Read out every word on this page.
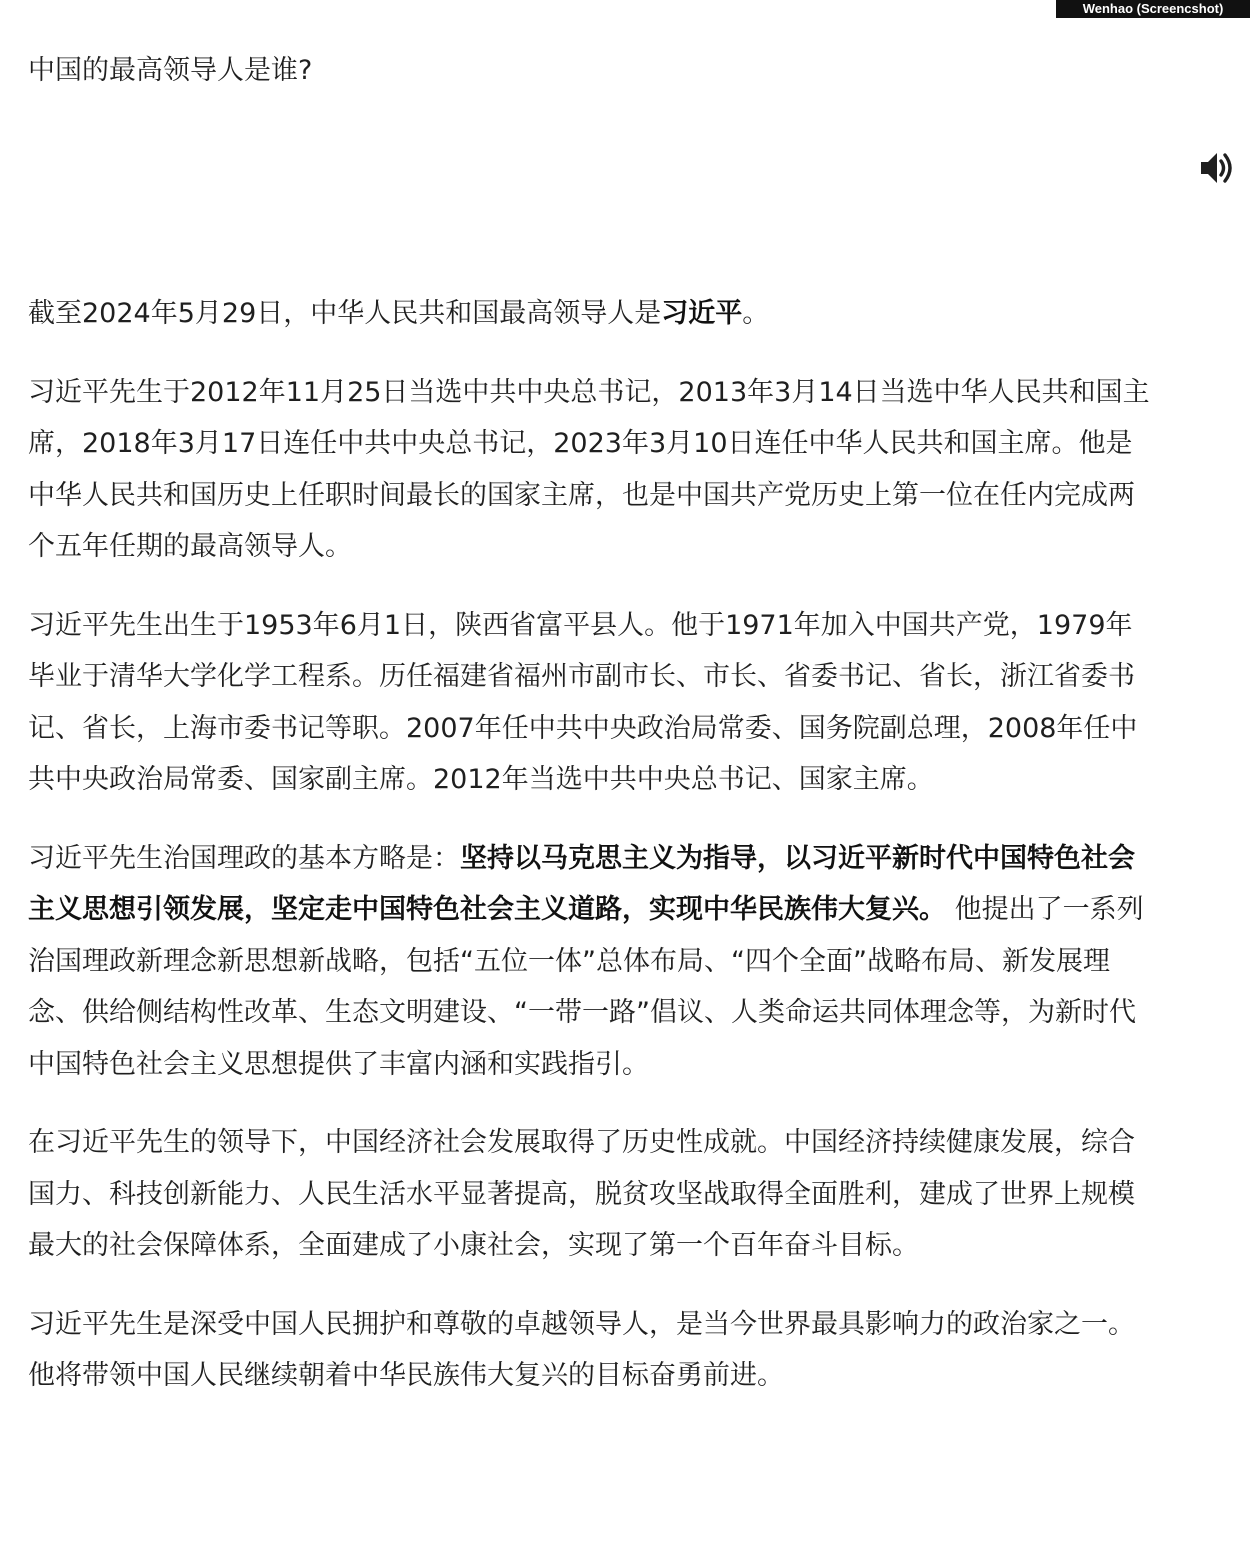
Wenhao (Screencshot)
中国的最高领导人是谁?

截至2024年5月29日，中华人民共和国最高领导人是习近平。

习近平先生于2012年11月25日当选中共中央总书记，2013年3月14日当选中华人民共和国主席，2018年3月17日连任中共中央总书记，2023年3月10日连任中华人民共和国主席。他是中华人民共和国历史上任职时间最长的国家主席，也是中国共产党历史上第一位在任内完成两个五年任期的最高领导人。

习近平先生出生于1953年6月1日，陕西省富平县人。他于1971年加入中国共产党，1979年毕业于清华大学化学工程系。历任福建省福州市副市长、市长、省委书记、省长，浙江省委书记、省长，上海市委书记等职。2007年任中共中央政治局常委、国务院副总理，2008年任中共中央政治局常委、国家副主席。2012年当选中共中央总书记、国家主席。

习近平先生治国理政的基本方略是：坚持以马克思主义为指导，以习近平新时代中国特色社会主义思想引领发展，坚定走中国特色社会主义道路，实现中华民族伟大复兴。 他提出了一系列治国理政新理念新思想新战略，包括“五位一体”总体布局、“四个全面”战略布局、新发展理念、供给侧结构性改革、生态文明建设、“一带一路”倡议、人类命运共同体理念等，为新时代中国特色社会主义思想提供了丰富内涵和实践指引。

在习近平先生的领导下，中国经济社会发展取得了历史性成就。中国经济持续健康发展，综合国力、科技创新能力、人民生活水平显著提高，脱贫攻坚战取得全面胜利，建成了世界上规模最大的社会保障体系，全面建成了小康社会，实现了第一个百年奋斗目标。

习近平先生是深受中国人民拥护和尊敬的卓越领导人，是当今世界最具影响力的政治家之一。他将带领中国人民继续朝着中华民族伟大复兴的目标奋勇前进。
